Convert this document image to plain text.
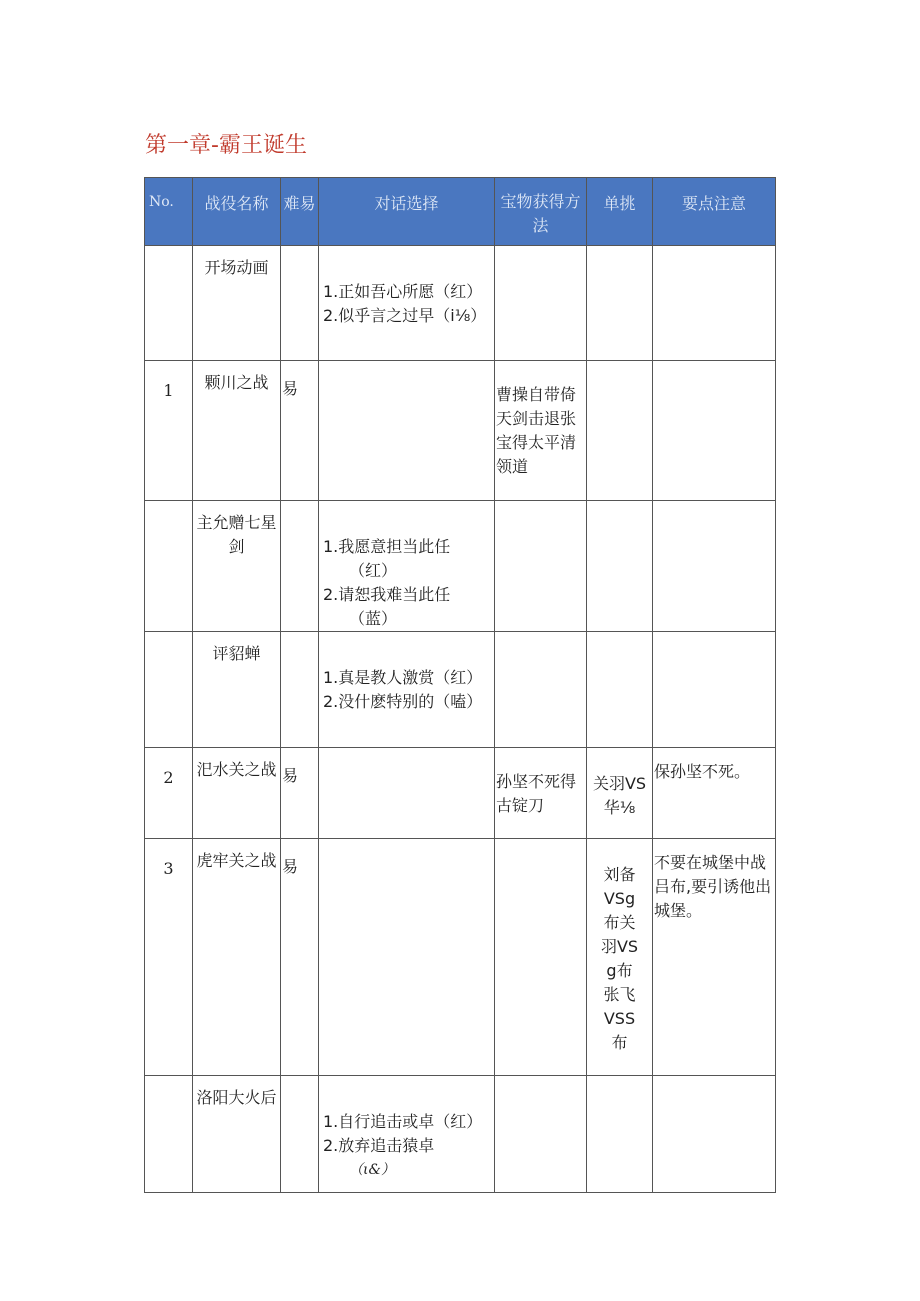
第一章-霸王诞生
No.	战役名称	难易	对话选择	宝物获得方法	单挑	要点注意
	开场动画		1.正如吾心所愿（红）
2.似乎言之过早（i⅛）			

1	颗川之战	易		曹操自带倚天剑击退张宝得太平清领道		
	主允赠七星剑		1.我愿意担当此任
（红）
2.请恕我难当此任
（蓝）			

	评貂蝉		1.真是教人激赏（红）
2.没什麽特别的（嗑）			

2	汜水关之战	易		孙坚不死得古锭刀	关羽VS华⅛	保孙坚不死。
3	虎牢关之战	易			刘备VSg布关羽VSg布张飞VSS布	不要在城堡中战吕布,要引诱他出城堡。
	洛阳大火后		1.自行追击或卓（红）
2.放弃追击猿卓
（ι&）			
